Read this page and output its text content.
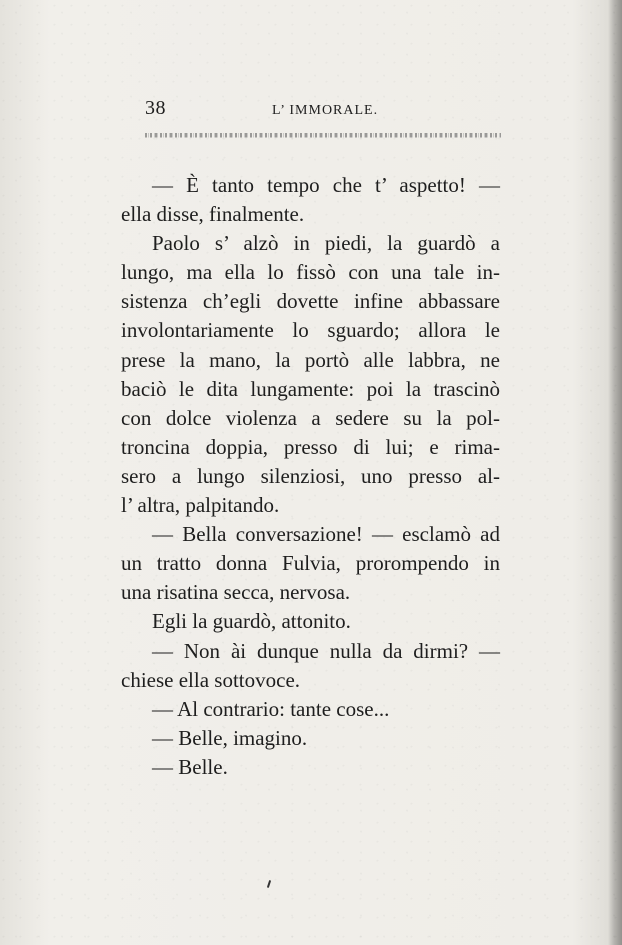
38	L’ IMMORALE.
— È tanto tempo che t’ aspetto! —
ella disse, finalmente.
Paolo s’ alzò in piedi, la guardò a
lungo, ma ella lo fissò con una tale in-
sistenza ch’egli dovette infine abbassare
involontariamente lo sguardo; allora le
prese la mano, la portò alle labbra, ne
baciò le dita lungamente: poi la trascinò
con dolce violenza a sedere su la pol-
troncina doppia, presso di lui; e rima-
sero a lungo silenziosi, uno presso al-
l’ altra, palpitando.
— Bella conversazione! — esclamò ad
un tratto donna Fulvia, prorompendo in
una risatina secca, nervosa.
Egli la guardò, attonito.
— Non ài dunque nulla da dirmi? —
chiese ella sottovoce.
— Al contrario: tante cose...
— Belle, imagino.
— Belle.
